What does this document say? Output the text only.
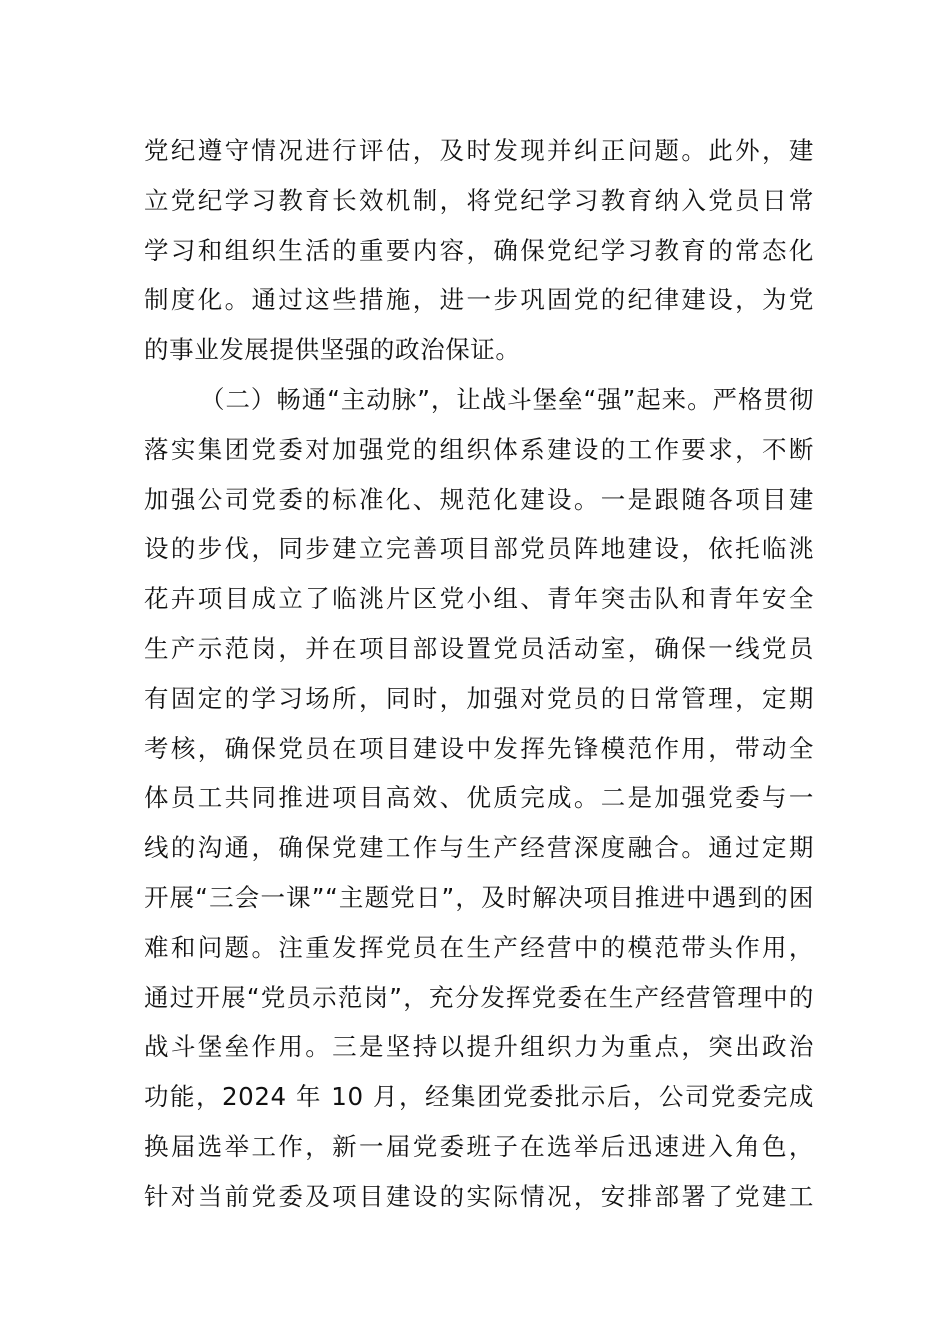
党纪遵守情况进行评估，及时发现并纠正问题。此外，建
立党纪学习教育长效机制，将党纪学习教育纳入党员日常
学习和组织生活的重要内容，确保党纪学习教育的常态化
制度化。通过这些措施，进一步巩固党的纪律建设，为党
的事业发展提供坚强的政治保证。
（二）畅通“主动脉”，让战斗堡垒“强”起来。严格贯彻
落实集团党委对加强党的组织体系建设的工作要求，不断
加强公司党委的标准化、规范化建设。一是跟随各项目建
设的步伐，同步建立完善项目部党员阵地建设，依托临洮
花卉项目成立了临洮片区党小组、青年突击队和青年安全
生产示范岗，并在项目部设置党员活动室，确保一线党员
有固定的学习场所，同时，加强对党员的日常管理，定期
考核，确保党员在项目建设中发挥先锋模范作用，带动全
体员工共同推进项目高效、优质完成。二是加强党委与一
线的沟通，确保党建工作与生产经营深度融合。通过定期
开展“三会一课”“主题党日”，及时解决项目推进中遇到的困
难和问题。注重发挥党员在生产经营中的模范带头作用，
通过开展“党员示范岗”，充分发挥党委在生产经营管理中的
战斗堡垒作用。三是坚持以提升组织力为重点，突出政治
功能，2024 年 10 月，经集团党委批示后，公司党委完成
换届选举工作，新一届党委班子在选举后迅速进入角色，
针对当前党委及项目建设的实际情况，安排部署了党建工
